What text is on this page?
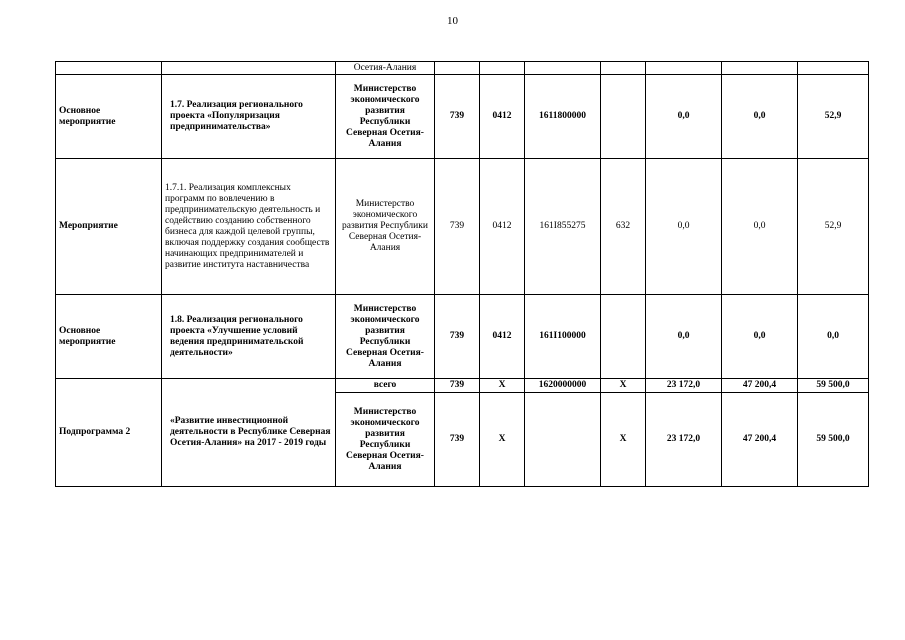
10
		Осетия-Алания							
Основное мероприятие	1.7. Реализация регионального проекта «Популяризация предпринимательства»	Министерство экономического развития Республики Северная Осетия-Алания	739	0412	1611800000		0,0	0,0	52,9
Мероприятие	1.7.1. Реализация комплексных программ по вовлечению в предпринимательскую деятельность и содействию созданию собственного бизнеса для каждой целевой группы, включая поддержку создания сообществ начинающих предпринимателей и развитие института наставничества	Министерство экономического развития Республики Северная Осетия-Алания	739	0412	161I855275	632	0,0	0,0	52,9
Основное мероприятие	1.8. Реализация регионального проекта «Улучшение условий ведения предпринимательской деятельности»	Министерство экономического развития Республики Северная Осетия-Алания	739	0412	161I100000		0,0	0,0	0,0
Подпрограмма 2	«Развитие инвестиционной деятельности в Республике Северная Осетия-Алания» на 2017 - 2019 годы	всего	739	X	1620000000	X	23 172,0	47 200,4	59 500,0
		Министерство экономического развития Республики Северная Осетия-Алания	739	X		X	23 172,0	47 200,4	59 500,0
